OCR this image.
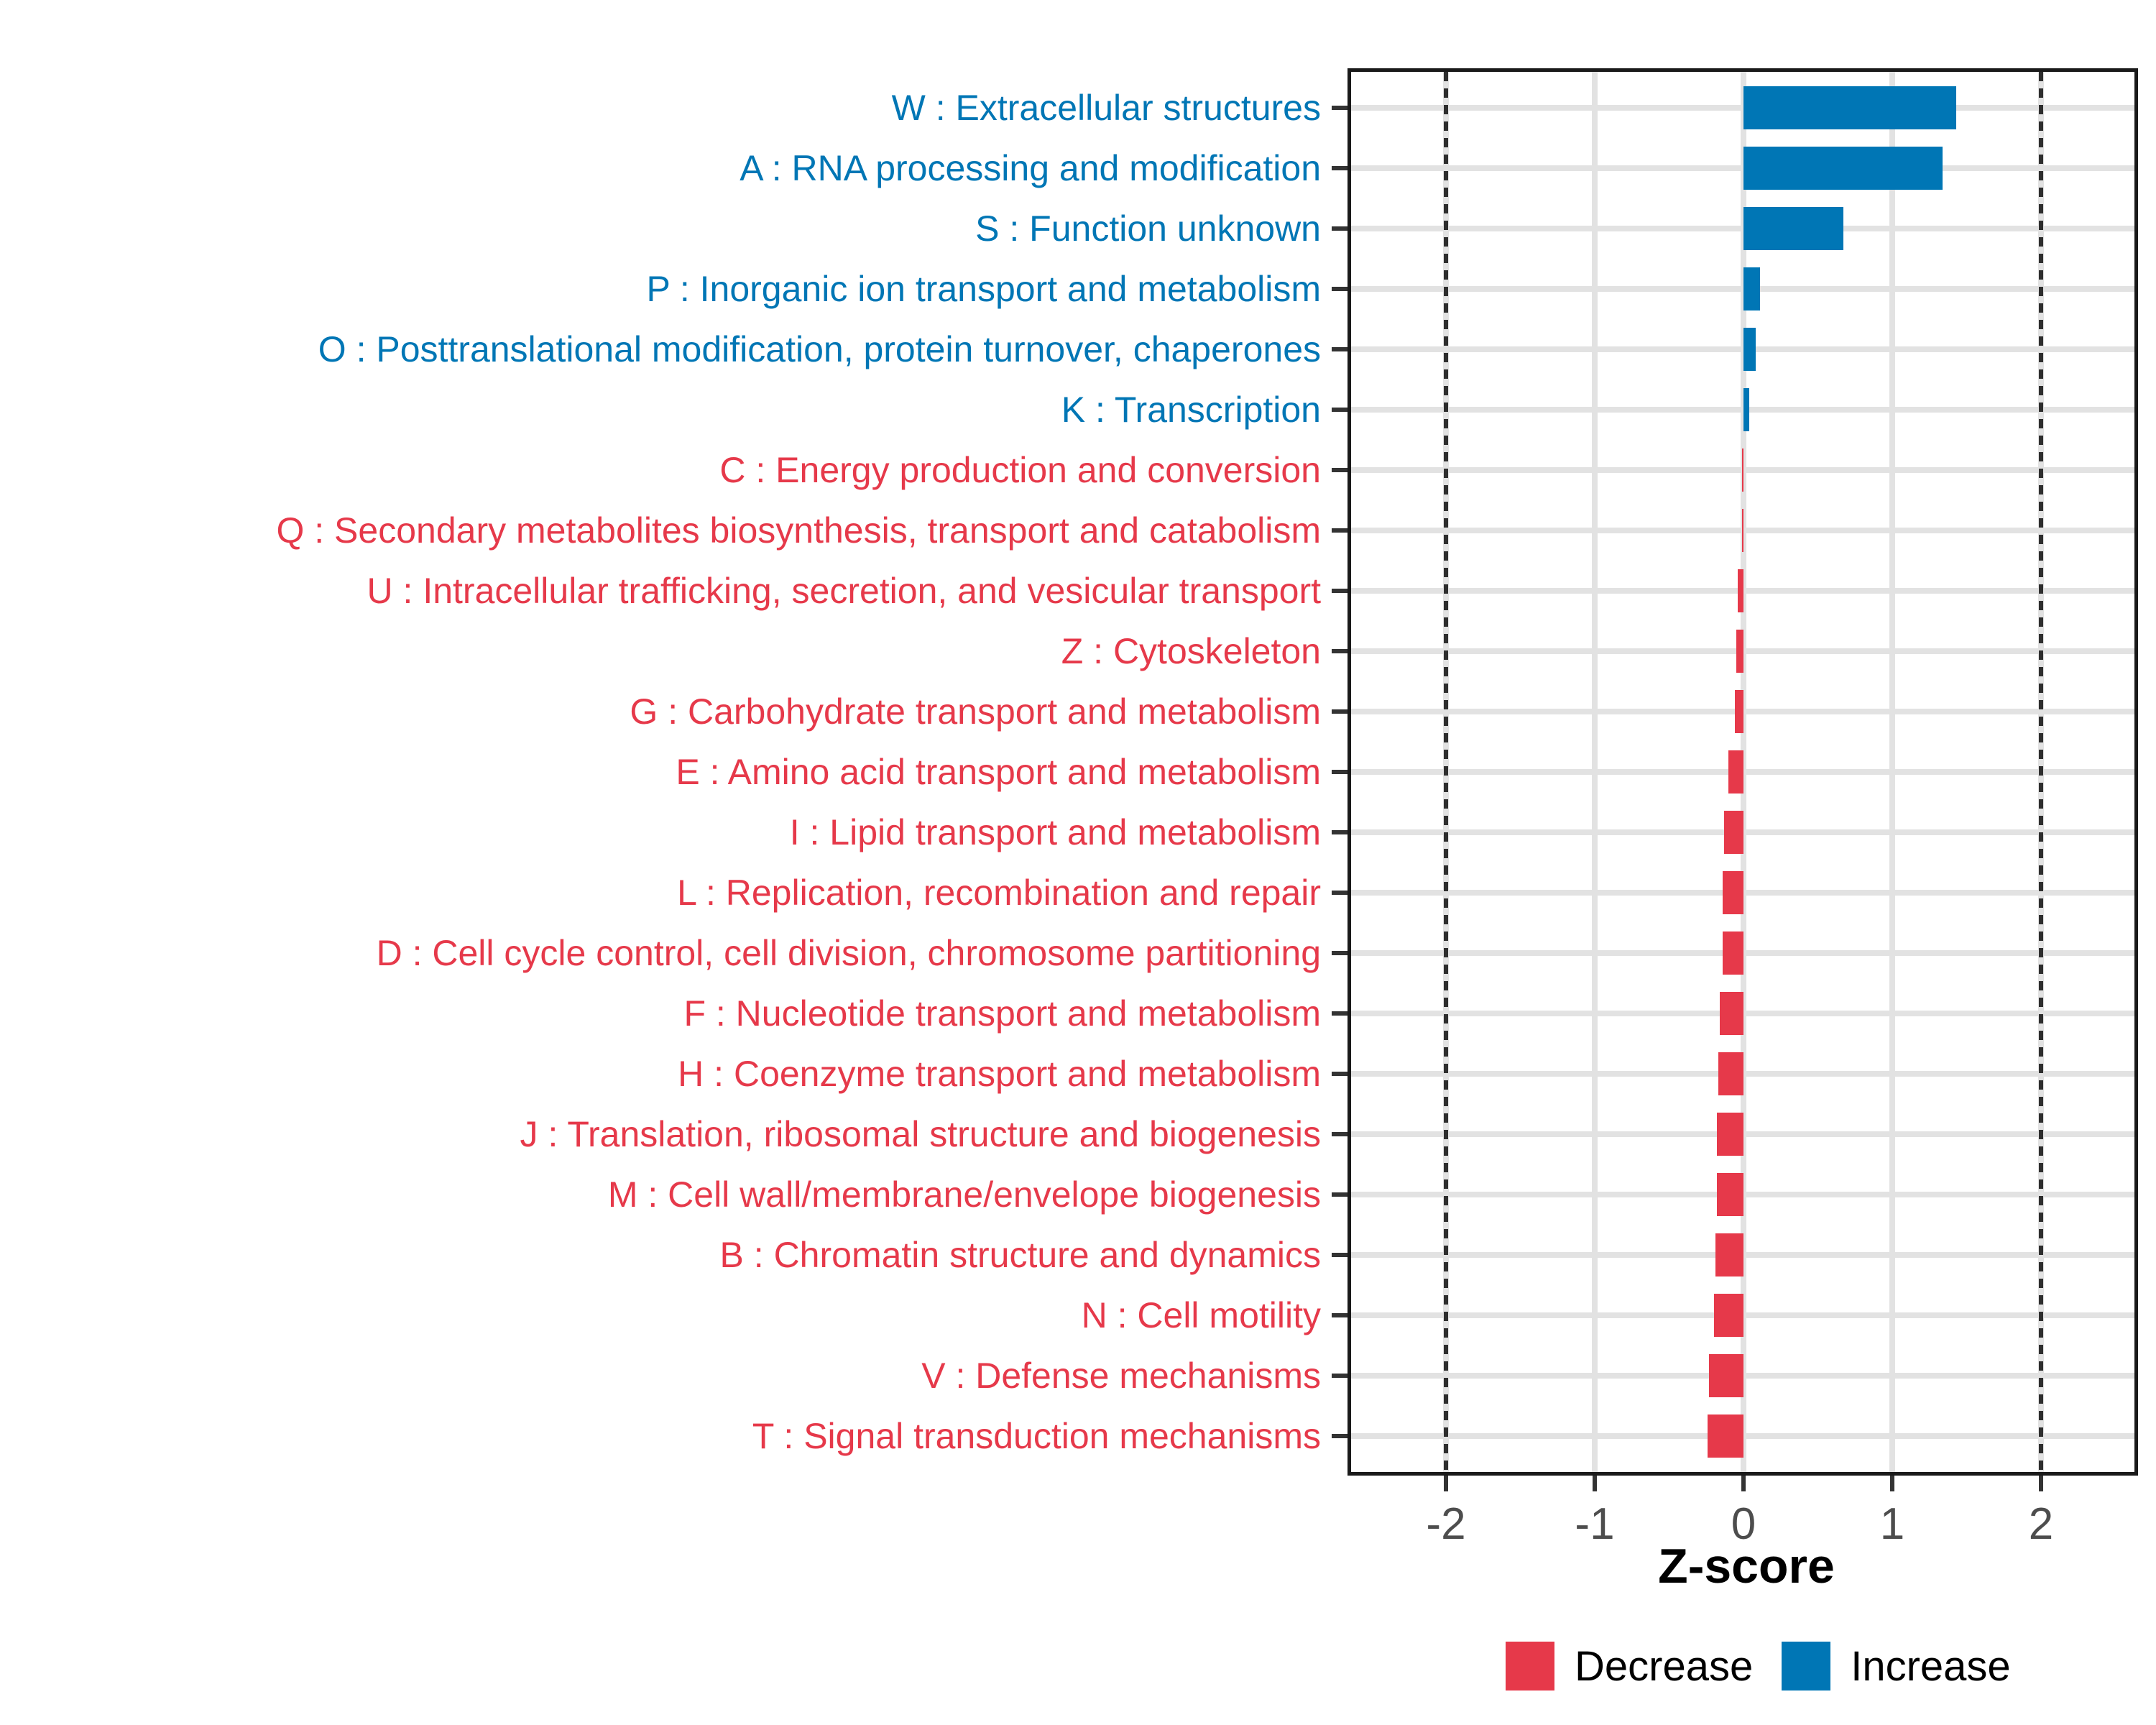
W : Extracellular structures
A : RNA processing and modification
S : Function unknown
P : Inorganic ion transport and metabolism
O : Posttranslational modification, protein turnover, chaperones
K : Transcription
C : Energy production and conversion
Q : Secondary metabolites biosynthesis, transport and catabolism
U : Intracellular trafficking, secretion, and vesicular transport
Z : Cytoskeleton
G : Carbohydrate transport and metabolism
E : Amino acid transport and metabolism
I : Lipid transport and metabolism
L : Replication, recombination and repair
D : Cell cycle control, cell division, chromosome partitioning
F : Nucleotide transport and metabolism
H : Coenzyme transport and metabolism
J : Translation, ribosomal structure and biogenesis
M : Cell wall/membrane/envelope biogenesis
B : Chromatin structure and dynamics
N : Cell motility
V : Defense mechanisms
T : Signal transduction mechanisms
-2	-1	0	1	2
Z-score
Decrease Increase
